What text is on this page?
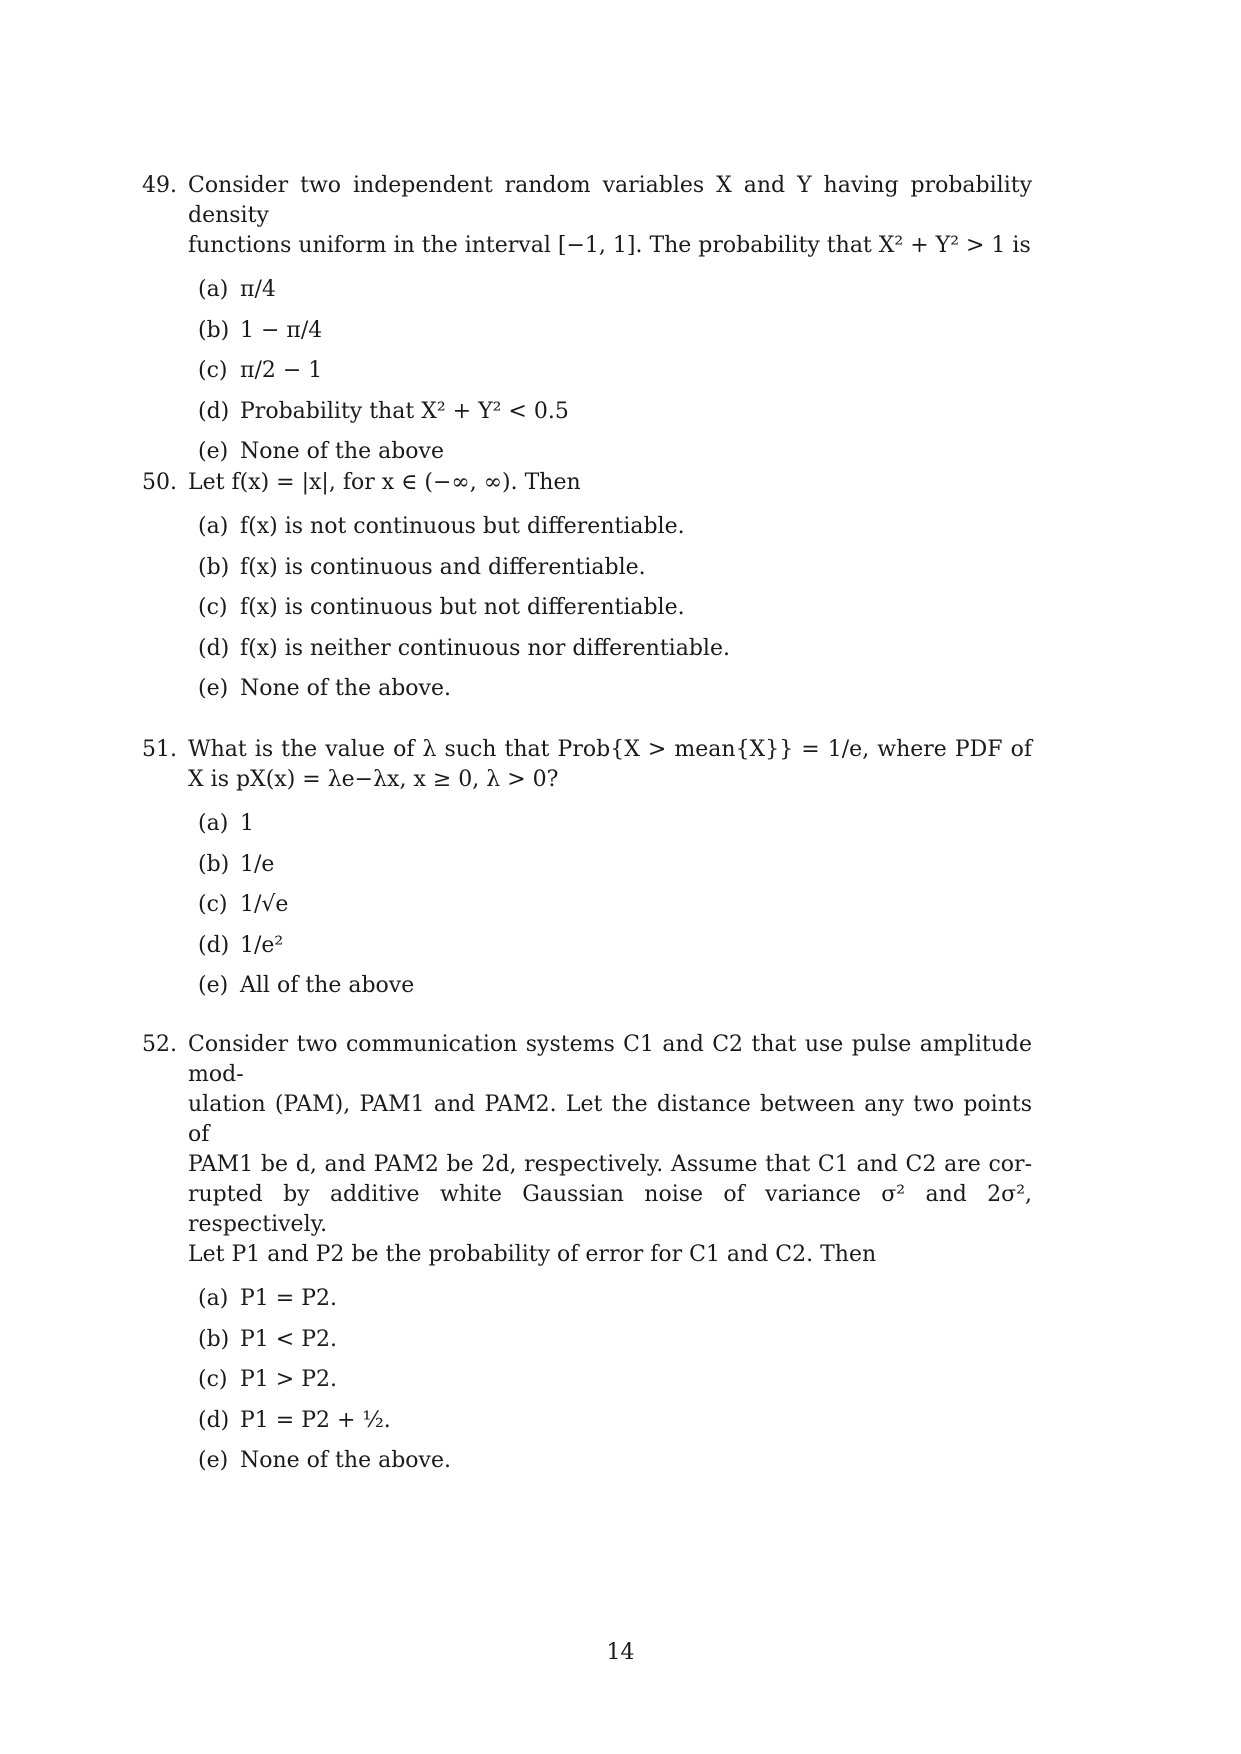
49. Consider two independent random variables X and Y having probability density
functions uniform in the interval [−1, 1]. The probability that X² + Y² > 1 is
(a) π/4
(b) 1 − π/4
(c) π/2 − 1
(d) Probability that X² + Y² < 0.5
(e) None of the above
50. Let f(x) = |x|, for x ∈ (−∞, ∞). Then
(a) f(x) is not continuous but differentiable.
(b) f(x) is continuous and differentiable.
(c) f(x) is continuous but not differentiable.
(d) f(x) is neither continuous nor differentiable.
(e) None of the above.
51. What is the value of λ such that Prob{X > mean{X}} = 1/e, where PDF of
X is pX(x) = λe−λx, x ≥ 0, λ > 0?
(a) 1
(b) 1/e
(c) 1/√e
(d) 1/e²
(e) All of the above
52. Consider two communication systems C1 and C2 that use pulse amplitude mod-
ulation (PAM), PAM1 and PAM2. Let the distance between any two points of
PAM1 be d, and PAM2 be 2d, respectively. Assume that C1 and C2 are cor-
rupted by additive white Gaussian noise of variance σ² and 2σ², respectively.
Let P1 and P2 be the probability of error for C1 and C2. Then
(a) P1 = P2.
(b) P1 < P2.
(c) P1 > P2.
(d) P1 = P2 + ½.
(e) None of the above.
14
